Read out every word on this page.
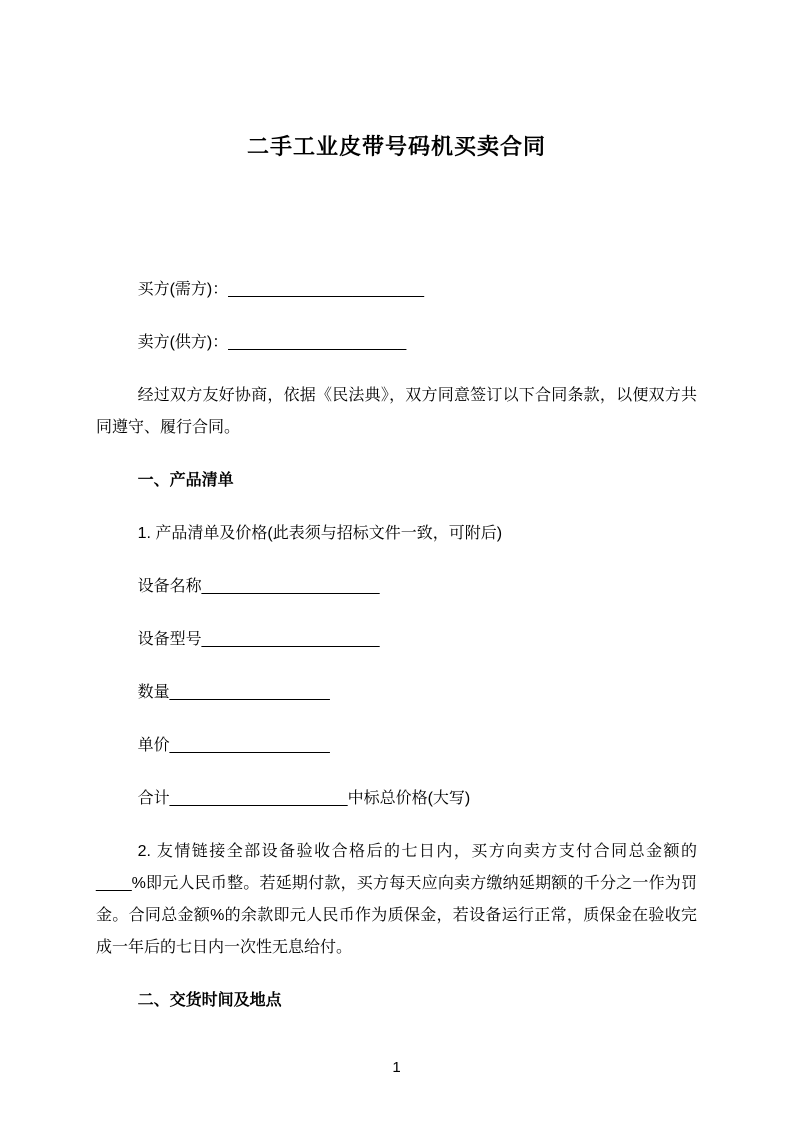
二手工业皮带号码机买卖合同

买方(需方)：______________________

卖方(供方)：____________________

经过双方友好协商，依据《民法典》，双方同意签订以下合同条款，以便双方共同遵守、履行合同。

一、产品清单

1. 产品清单及价格(此表须与招标文件一致，可附后)

设备名称____________________

设备型号____________________

数量__________________

单价__________________

合计____________________中标总价格(大写)

2. 友情链接全部设备验收合格后的七日内，买方向卖方支付合同总金额的____%即元人民币整。若延期付款，买方每天应向卖方缴纳延期额的千分之一作为罚金。合同总金额%的余款即元人民币作为质保金，若设备运行正常，质保金在验收完成一年后的七日内一次性无息给付。

二、交货时间及地点

1
